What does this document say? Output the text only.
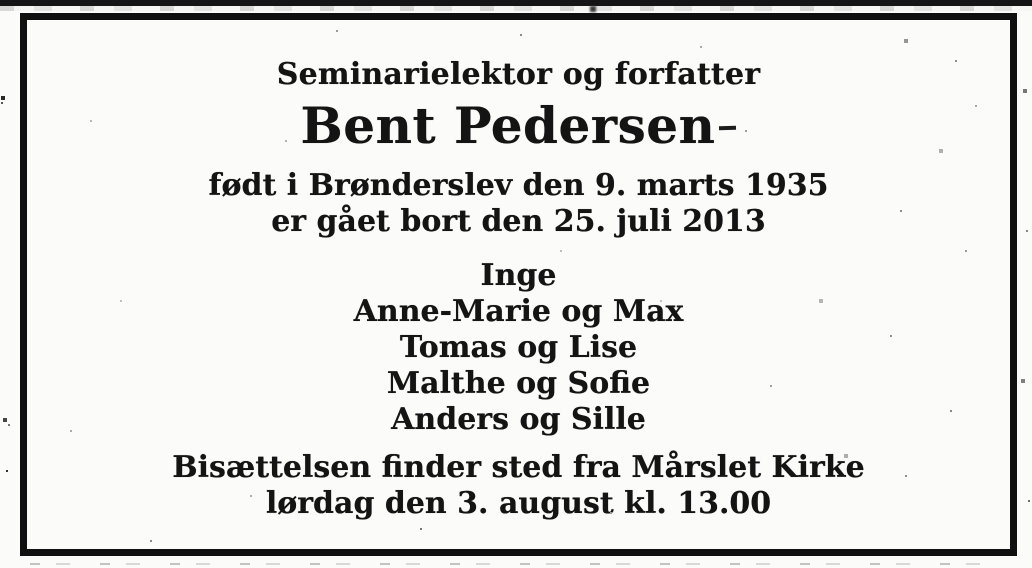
Seminarielektor og forfatter
Bent Pedersen
født i Brønderslev den 9. marts 1935
er gået bort den 25. juli 2013
Inge
Anne-Marie og Max
Tomas og Lise
Malthe og Sofie
Anders og Sille
Bisættelsen finder sted fra Mårslet Kirke
lørdag den 3. august kl. 13.00
